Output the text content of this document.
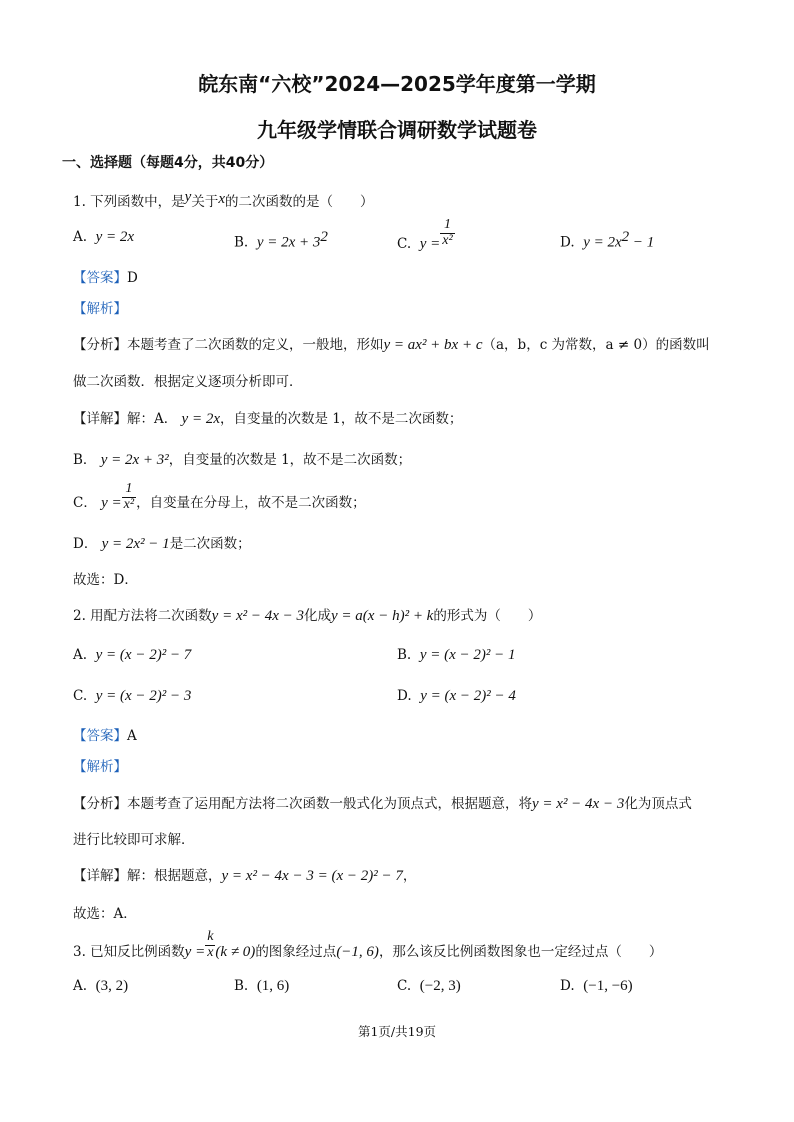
皖东南“六校”2024—2025学年度第一学期
九年级学情联合调研数学试题卷
一、选择题（每题4分，共40分）
1. 下列函数中，是y关于x的二次函数的是（　　）
A. y = 2x	B. $y = 2x + 3^2$	C. $y = \frac{1}{\text{x²}}$	D. $y = 2x^2 - 1$
【答案】D
【解析】
【分析】本题考查了二次函数的定义，一般地，形如y = ax² + bx + c（a，b，c 为常数，a ≠ 0）的函数叫
做二次函数．根据定义逐项分析即可．
【详解】解：A． y = 2x，自变量的次数是 1，故不是二次函数；
B． y = 2x + 3²，自变量的次数是 1，故不是二次函数；
C． $y = \frac{1}{\text{x²}}$ ，自变量在分母上，故不是二次函数；
D． y = 2x² − 1是二次函数；
故选：D．
2. 用配方法将二次函数y = x² − 4x − 3化成y = a(x − h)² + k的形式为（　　）
A. y = (x − 2)² − 7	B. y = (x − 2)² − 1
C. y = (x − 2)² − 3	D. y = (x − 2)² − 4
【答案】A
【解析】
【分析】本题考查了运用配方法将二次函数一般式化为顶点式，根据题意，将y = x² − 4x − 3化为顶点式
进行比较即可求解．
【详解】解：根据题意，y = x² − 4x − 3 = (x − 2)² − 7，
故选：A．
3. 已知反比例函数$y = \frac{k}{x} (k \ne 0)$的图象经过点(−1, 6)，那么该反比例函数图象也一定经过点（　　）
A. (3, 2)	B. (1, 6)	C. (−2, 3)	D. (−1, −6)
第1页/共19页
